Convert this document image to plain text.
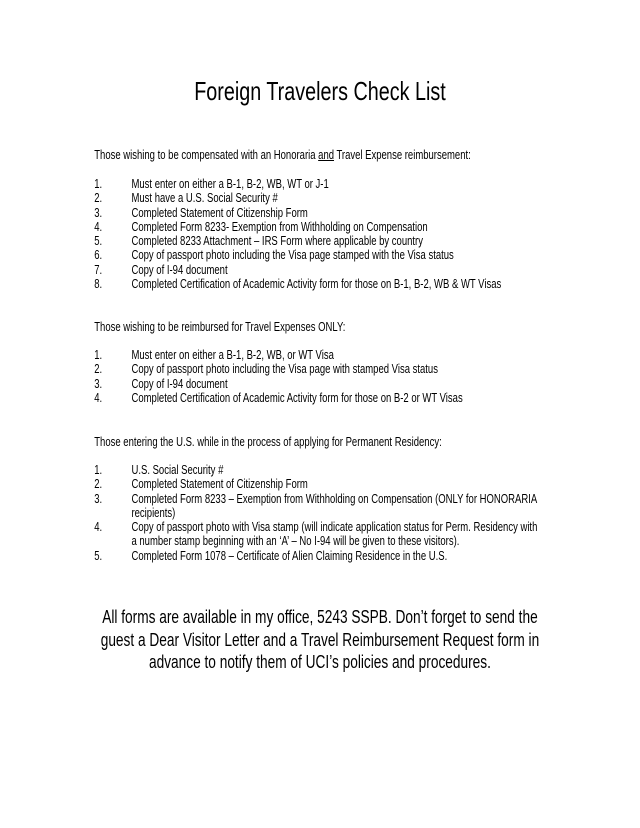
Foreign Travelers Check List
Those wishing to be compensated with an Honoraria and Travel Expense reimbursement:
1.	Must enter on either a B-1, B-2, WB, WT or J-1
2.	Must have a U.S. Social Security #
3.	Completed Statement of Citizenship Form
4.	Completed Form 8233- Exemption from Withholding on Compensation
5.	Completed 8233 Attachment – IRS Form where applicable by country
6.	Copy of passport photo including the Visa page stamped with the Visa status
7.	Copy of I-94 document
8.	Completed Certification of Academic Activity form for those on B-1, B-2, WB & WT Visas
Those wishing to be reimbursed for Travel Expenses ONLY:
1.	Must enter on either a B-1, B-2, WB, or WT Visa
2.	Copy of passport photo including the Visa page with stamped Visa status
3.	Copy of I-94 document
4.	Completed Certification of Academic Activity form for those on B-2 or WT Visas
Those entering the U.S. while in the process of applying for Permanent Residency:
1.	U.S. Social Security #
2.	Completed Statement of Citizenship Form
3.	Completed Form 8233 – Exemption from Withholding on Compensation (ONLY for HONORARIA recipients)
4.	Copy of passport photo with Visa stamp (will indicate application status for Perm. Residency with a number stamp beginning with an ‘A’ – No I-94 will be given to these visitors).
5.	Completed Form 1078 – Certificate of Alien Claiming Residence in the U.S.
All forms are available in my office, 5243 SSPB. Don’t forget to send the guest a Dear Visitor Letter and a Travel Reimbursement Request form in advance to notify them of UCI’s policies and procedures.
